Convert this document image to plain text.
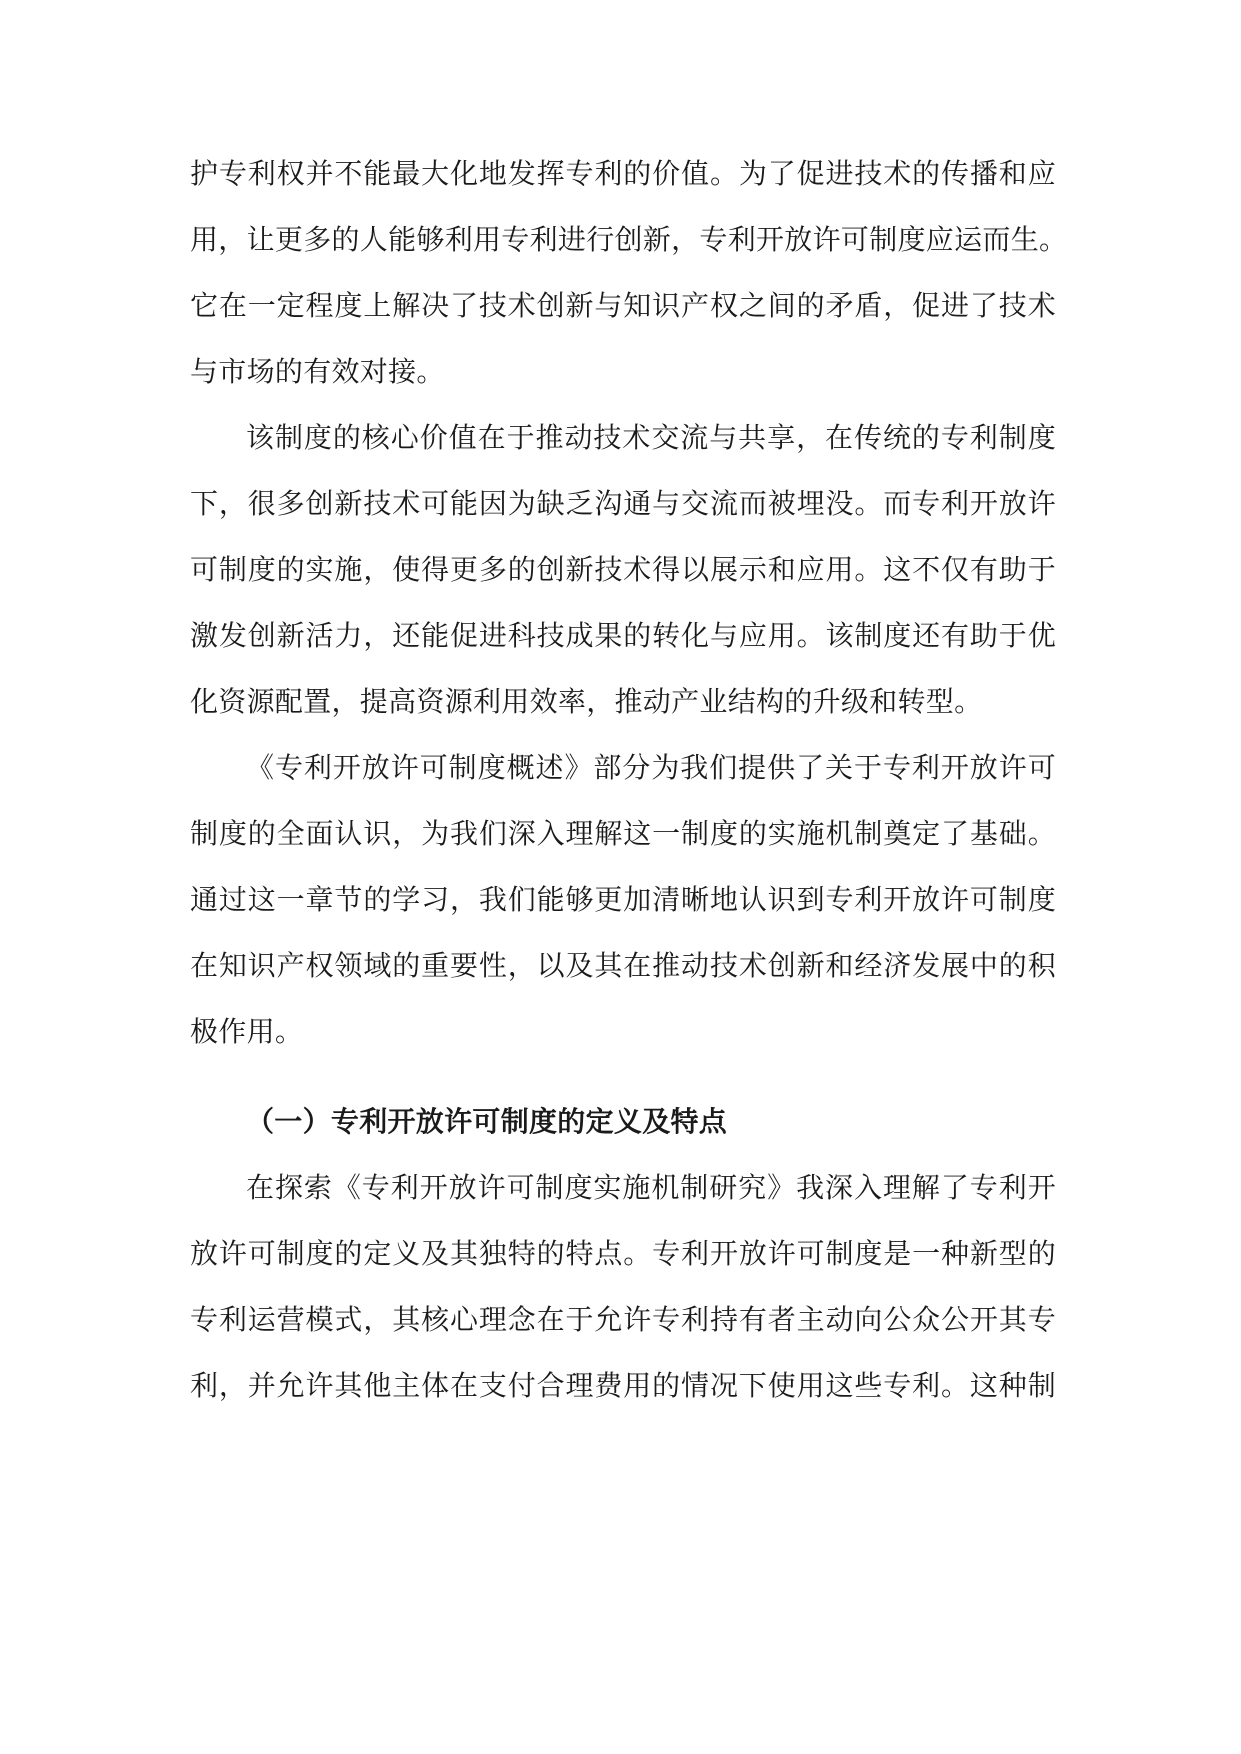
护专利权并不能最大化地发挥专利的价值。为了促进技术的传播和应
用，让更多的人能够利用专利进行创新，专利开放许可制度应运而生。
它在一定程度上解决了技术创新与知识产权之间的矛盾，促进了技术
与市场的有效对接。
该制度的核心价值在于推动技术交流与共享，在传统的专利制度
下，很多创新技术可能因为缺乏沟通与交流而被埋没。而专利开放许
可制度的实施，使得更多的创新技术得以展示和应用。这不仅有助于
激发创新活力，还能促进科技成果的转化与应用。该制度还有助于优
化资源配置，提高资源利用效率，推动产业结构的升级和转型。
《专利开放许可制度概述》部分为我们提供了关于专利开放许可
制度的全面认识，为我们深入理解这一制度的实施机制奠定了基础。
通过这一章节的学习，我们能够更加清晰地认识到专利开放许可制度
在知识产权领域的重要性，以及其在推动技术创新和经济发展中的积
极作用。
（一）专利开放许可制度的定义及特点
在探索《专利开放许可制度实施机制研究》我深入理解了专利开
放许可制度的定义及其独特的特点。专利开放许可制度是一种新型的
专利运营模式，其核心理念在于允许专利持有者主动向公众公开其专
利，并允许其他主体在支付合理费用的情况下使用这些专利。这种制
